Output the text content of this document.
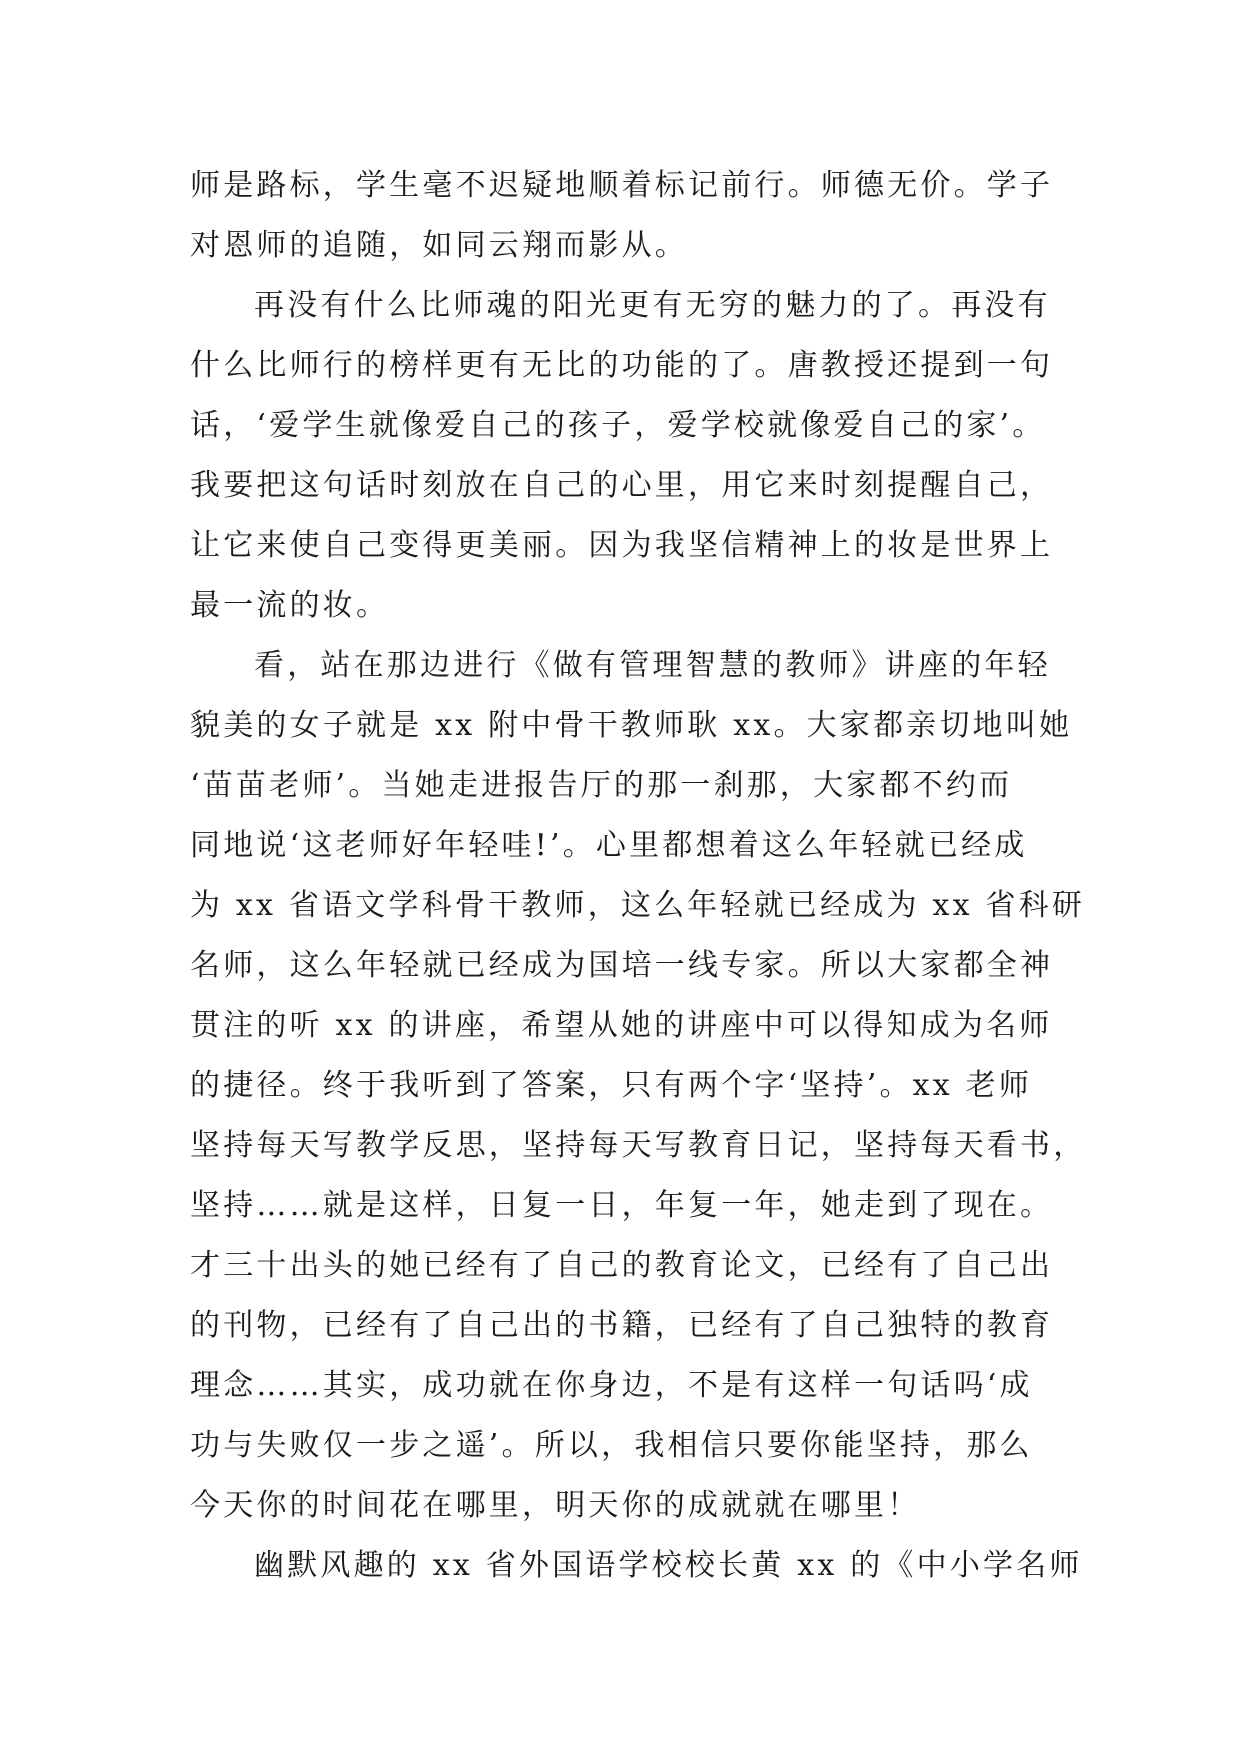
师是路标，学生毫不迟疑地顺着标记前行。师德无价。学子
对恩师的追随，如同云翔而影从。
再没有什么比师魂的阳光更有无穷的魅力的了。再没有
什么比师行的榜样更有无比的功能的了。唐教授还提到一句
话，‘爱学生就像爱自己的孩子，爱学校就像爱自己的家’。
我要把这句话时刻放在自己的心里，用它来时刻提醒自己，
让它来使自己变得更美丽。因为我坚信精神上的妆是世界上
最一流的妆。
看，站在那边进行《做有管理智慧的教师》讲座的年轻
貌美的女子就是 xx 附中骨干教师耿 xx。大家都亲切地叫她
‘苗苗老师’。当她走进报告厅的那一刹那，大家都不约而
同地说‘这老师好年轻哇!’。心里都想着这么年轻就已经成
为 xx 省语文学科骨干教师，这么年轻就已经成为 xx 省科研
名师，这么年轻就已经成为国培一线专家。所以大家都全神
贯注的听 xx 的讲座，希望从她的讲座中可以得知成为名师
的捷径。终于我听到了答案，只有两个字‘坚持’。xx 老师
坚持每天写教学反思，坚持每天写教育日记，坚持每天看书，
坚持……就是这样，日复一日，年复一年，她走到了现在。
才三十出头的她已经有了自己的教育论文，已经有了自己出
的刊物，已经有了自己出的书籍，已经有了自己独特的教育
理念……其实，成功就在你身边，不是有这样一句话吗‘成
功与失败仅一步之遥’。所以，我相信只要你能坚持，那么
今天你的时间花在哪里，明天你的成就就在哪里！
幽默风趣的 xx 省外国语学校校长黄 xx 的《中小学名师
